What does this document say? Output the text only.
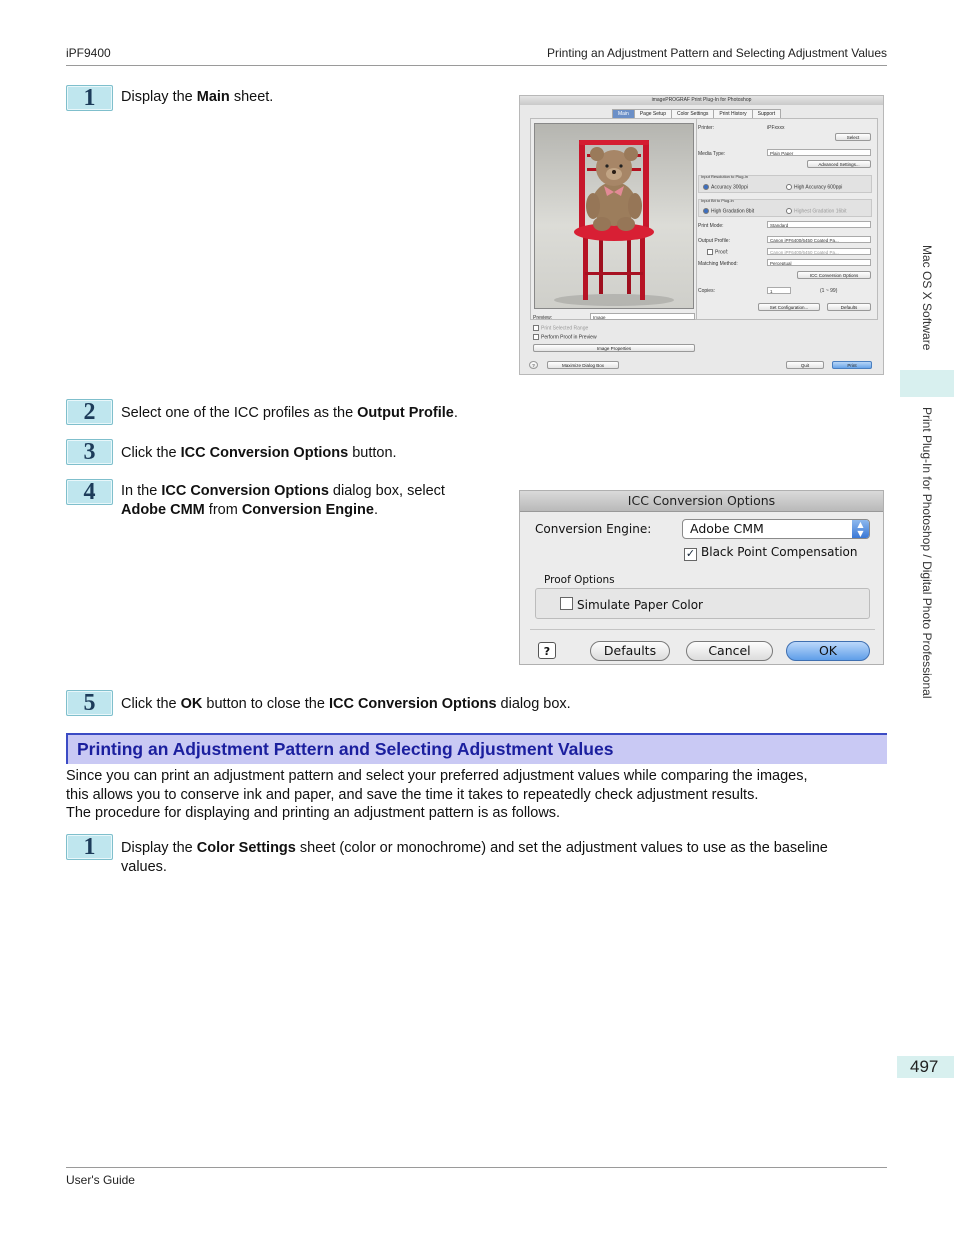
iPF9400	Printing an Adjustment Pattern and Selecting Adjustment Values
1	Display the Main sheet.	imagePROGRAF Print Plug-In for Photoshop
Main	Page Setup	Color Settings	Print History	Support
Printer:	iPFxxxx
Select
Media Type:	Plain Paper
Advanced Settings...
Input Resolution to Plug-in
Accuracy 300ppi	High Accuracy 600ppi
Input Bit to Plug-in
High Gradation 8bit	Highest Gradation 16bit
Print Mode:	Standard
Output Profile:	Canon iPF6400/6450 Coated Pa...
Proof:	Canon iPF6400/6450 Coated Pa...
Matching Method:	Perceptual
ICC Conversion Options
Copies:	1	(1 ~ 99)
Set Configuration...	Defaults
Preview:	Image
Print Selected Range
Perform Proof in Preview
Image Properties
?	Maximize Dialog Box	Quit	Print
2	Select one of the ICC profiles as the Output Profile.
3	Click the ICC Conversion Options button.
4	In the ICC Conversion Options dialog box, select
Adobe CMM from Conversion Engine.
ICC Conversion Options
Conversion Engine:	Adobe CMM	▲
▼
✓ Black Point Compensation
Proof Options
Simulate Paper Color
?	Defaults	Cancel	OK
5	Click the OK button to close the ICC Conversion Options dialog box.
Printing an Adjustment Pattern and Selecting Adjustment Values
Since you can print an adjustment pattern and select your preferred adjustment values while comparing the images,
this allows you to conserve ink and paper, and save the time it takes to repeatedly check adjustment results.
The procedure for displaying and printing an adjustment pattern is as follows.
1	Display the Color Settings sheet (color or monochrome) and set the adjustment values to use as the baseline
values.
Mac OS X Software
Print Plug-In for Photoshop / Digital Photo Professional
497
User's Guide
